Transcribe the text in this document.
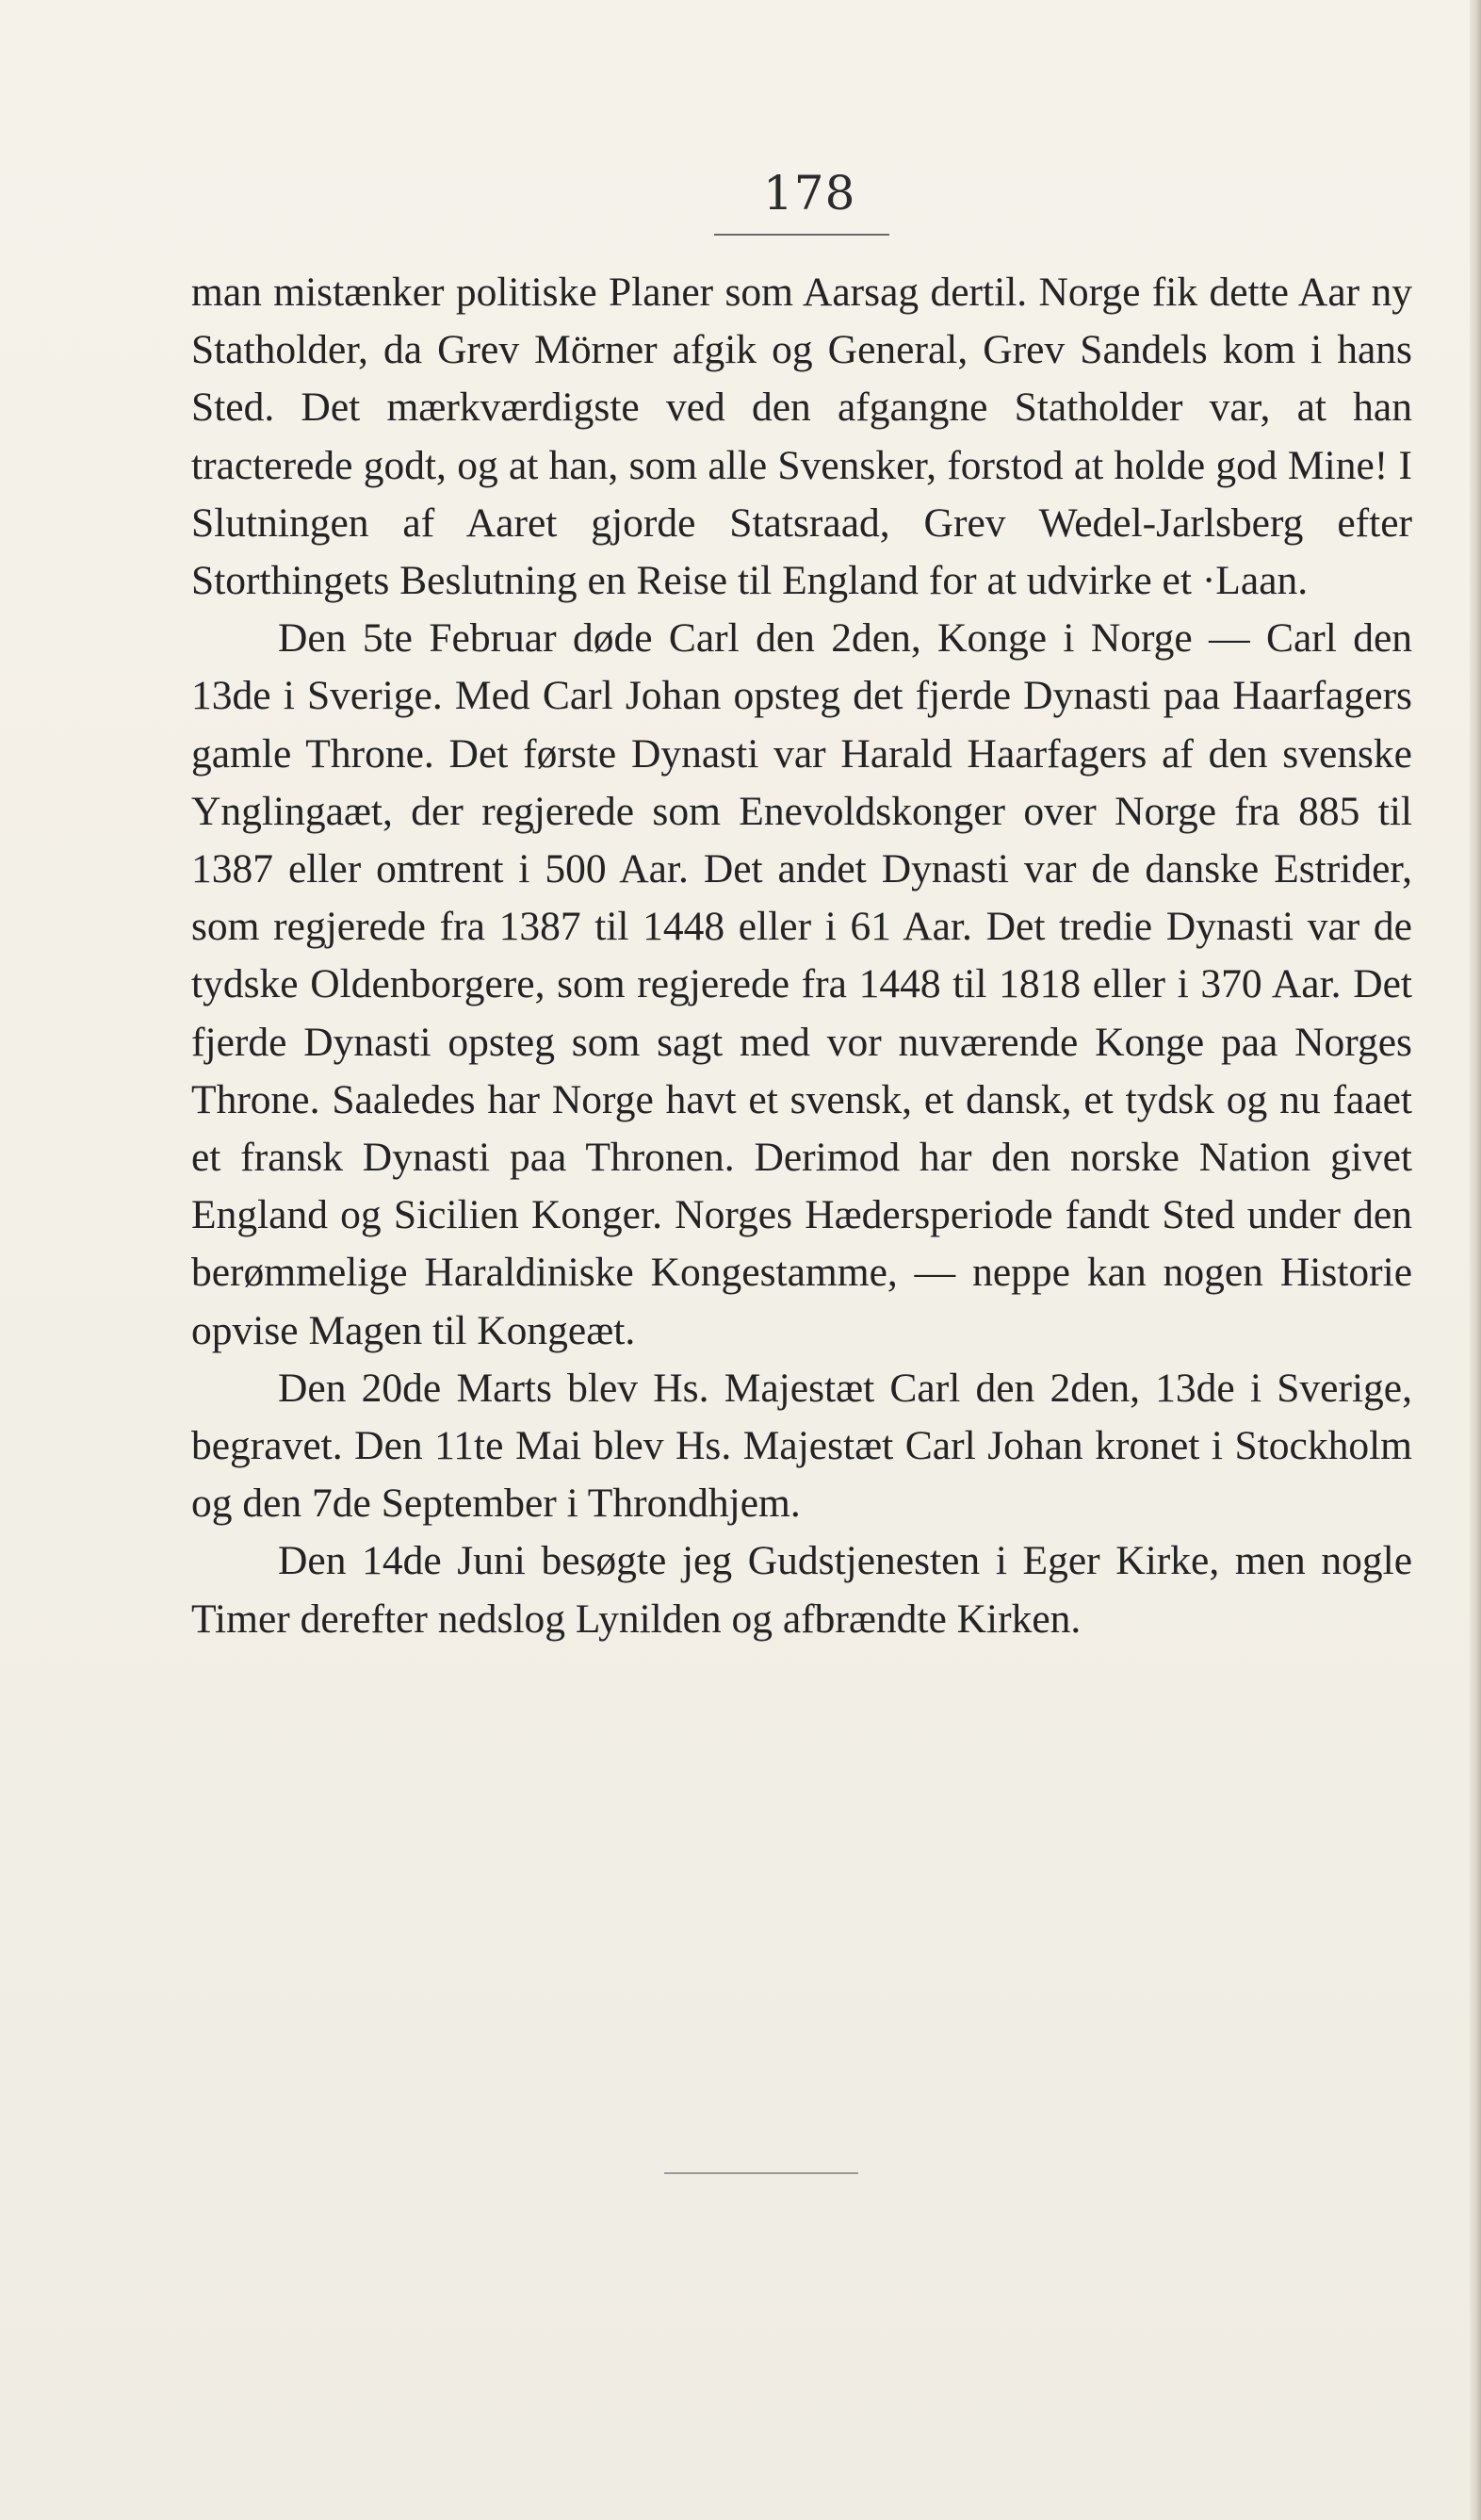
178

man mistænker politiske Planer som Aarsag dertil. Norge fik dette Aar ny Statholder, da Grev Mörner afgik og General, Grev Sandels kom i hans Sted. Det mærkværdigste ved den afgangne Statholder var, at han tracterede godt, og at han, som alle Svensker, forstod at holde god Mine! I Slutningen af Aaret gjorde Statsraad, Grev Wedel-Jarlsberg efter Storthingets Beslutning en Reise til England for at udvirke et ·Laan.

Den 5te Februar døde Carl den 2den, Konge i Norge — Carl den 13de i Sverige. Med Carl Johan opsteg det fjerde Dynasti paa Haarfagers gamle Throne. Det første Dynasti var Harald Haarfagers af den svenske Ynglingaæt, der regjerede som Enevoldskonger over Norge fra 885 til 1387 eller omtrent i 500 Aar. Det andet Dynasti var de danske Estrider, som regjerede fra 1387 til 1448 eller i 61 Aar. Det tredie Dynasti var de tydske Oldenborgere, som regjerede fra 1448 til 1818 eller i 370 Aar. Det fjerde Dynasti opsteg som sagt med vor nuværende Konge paa Norges Throne. Saaledes har Norge havt et svensk, et dansk, et tydsk og nu faaet et fransk Dynasti paa Thronen. Derimod har den norske Nation givet England og Sicilien Konger. Norges Hædersperiode fandt Sted under den berømmelige Haraldiniske Kongestamme, — neppe kan nogen Historie opvise Magen til Kongeæt.

Den 20de Marts blev Hs. Majestæt Carl den 2den, 13de i Sverige, begravet. Den 11te Mai blev Hs. Majestæt Carl Johan kronet i Stockholm og den 7de September i Throndhjem.

Den 14de Juni besøgte jeg Gudstjenesten i Eger Kirke, men nogle Timer derefter nedslog Lynilden og afbrændte Kirken.
